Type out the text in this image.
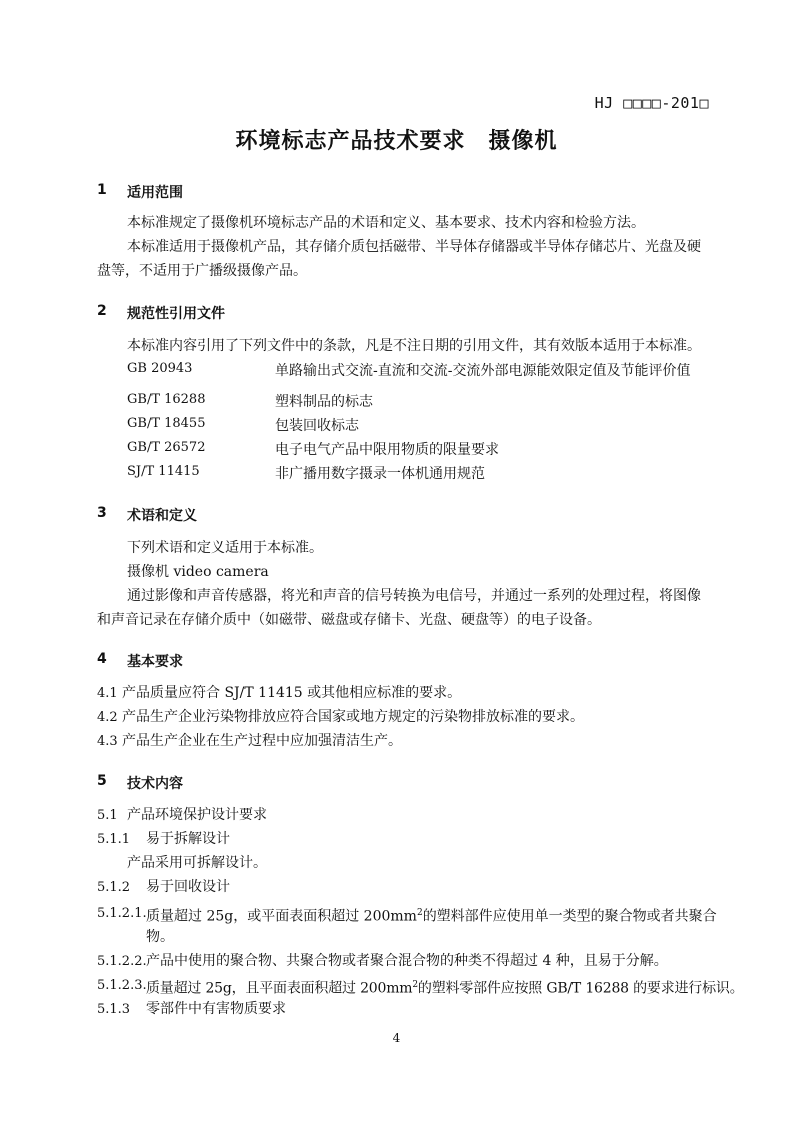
HJ □□□□-201□
环境标志产品技术要求　摄像机
1 适用范围
本标准规定了摄像机环境标志产品的术语和定义、基本要求、技术内容和检验方法。
本标准适用于摄像机产品，其存储介质包括磁带、半导体存储器或半导体存储芯片、光盘及硬
盘等，不适用于广播级摄像产品。
2 规范性引用文件
本标准内容引用了下列文件中的条款，凡是不注日期的引用文件，其有效版本适用于本标准。
GB 20943	单路输出式交流-直流和交流-交流外部电源能效限定值及节能评价值
GB/T 16288	塑料制品的标志
GB/T 18455	包装回收标志
GB/T 26572	电子电气产品中限用物质的限量要求
SJ/T 11415	非广播用数字摄录一体机通用规范
3 术语和定义
下列术语和定义适用于本标准。
摄像机 video camera
通过影像和声音传感器，将光和声音的信号转换为电信号，并通过一系列的处理过程，将图像
和声音记录在存储介质中（如磁带、磁盘或存储卡、光盘、硬盘等）的电子设备。
4 基本要求
4.1 产品质量应符合 SJ/T 11415 或其他相应标准的要求。
4.2 产品生产企业污染物排放应符合国家或地方规定的污染物排放标准的要求。
4.3 产品生产企业在生产过程中应加强清洁生产。
5 技术内容
5.1 产品环境保护设计要求
5.1.1 易于拆解设计
产品采用可拆解设计。
5.1.2 易于回收设计
5.1.2.1. 质量超过 25g，或平面表面积超过 $200mm^2$的塑料部件应使用单一类型的聚合物或者共聚合
物。
5.1.2.2. 产品中使用的聚合物、共聚合物或者聚合混合物的种类不得超过 4 种，且易于分解。
5.1.2.3. 质量超过 25g，且平面表面积超过 $200mm^2$的塑料零部件应按照 GB/T 16288 的要求进行标识。
5.1.3 零部件中有害物质要求
4
